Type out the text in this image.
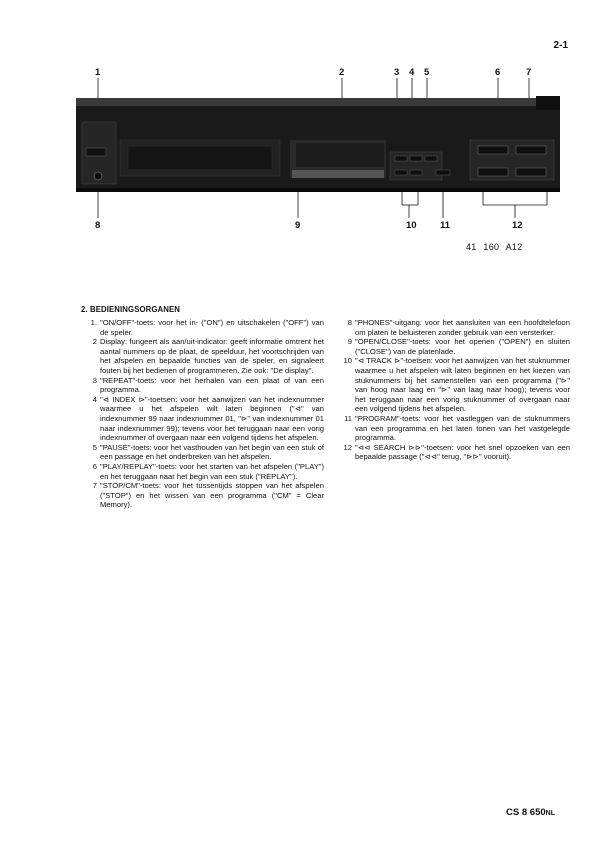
2-1
1	2	3 4 5	6	7
8	9	10 11	12
41 160 A12
2. BEDIENINGSORGANEN
1. "ON/OFF"-toets: voor het in- ("ON") en uitschakelen ("OFF") van de speler.
2 Display: fungeert als aan/uit-indicator: geeft informatie omtrent het aantal nummers op de plaat, de speelduur, het voortschrijden van het afspelen en bepaalde functies van de speler, en signaleert fouten bij het bedienen of programmeren. Zie ook: "De display".
3 "REPEAT"-toets: voor het herhalen van een plaat of van een programma.
4 "⊲ INDEX ⊳"-toetsen: voor het aanwijzen van het indexnummer waarmee u het afspelen wilt laten beginnen ("⊲" van indexnummer 99 naar indexnummer 01, "⊳" van indexnummer 01 naar indexnummer 99); tevens voor het teruggaan naar een vorig indexnummer of overgaan naar een volgend tijdens het afspelen.
5 "PAUSE"-toets: voor het vasthouden van het begin van een stuk of een passage en het onderbreken van het afspelen.
6 "PLAY/REPLAY"-toets: voor het starten van het afspelen ("PLAY") en het teruggaan naar het begin van een stuk ("REPLAY").
7 "STOP/CM"-toets: voor het tussentijds stoppen van het afspelen ("STOP") en het wissen van een programma ("CM" = Clear Memory).
8 "PHONES"-uitgang: voor het aansluiten van een hoofdtelefoon om platen te beluisteren zonder gebruik van een versterker.
9 "OPEN/CLOSE"-toets: voor het openen ("OPEN") en sluiten ("CLOSE") van de platenlade.
10 "⊲ TRACK ⊳"-toetsen: voor het aanwijzen van het stuknummer waarmee u het afspelen wilt laten beginnen en het kiezen van stuknummers bij het samenstellen van een programma ("⊳" van hoog naar laag en "⊳" van laag naar hoog); tevens voor het teruggaan naar een vorig stuknummer of overgaan naar een volgend tijdens het afspelen.
11 "PROGRAM"-toets: voor het vastleggen van de stuknummers van een programma en het laten tonen van het vastgelegde programma.
12 "⊲⊲ SEARCH ⊳⊳"-toetsen: voor het snel opzoeken van een bepaalde passage ("⊲⊲" terug, "⊳⊳" vooruit).
CS 8 650NL
